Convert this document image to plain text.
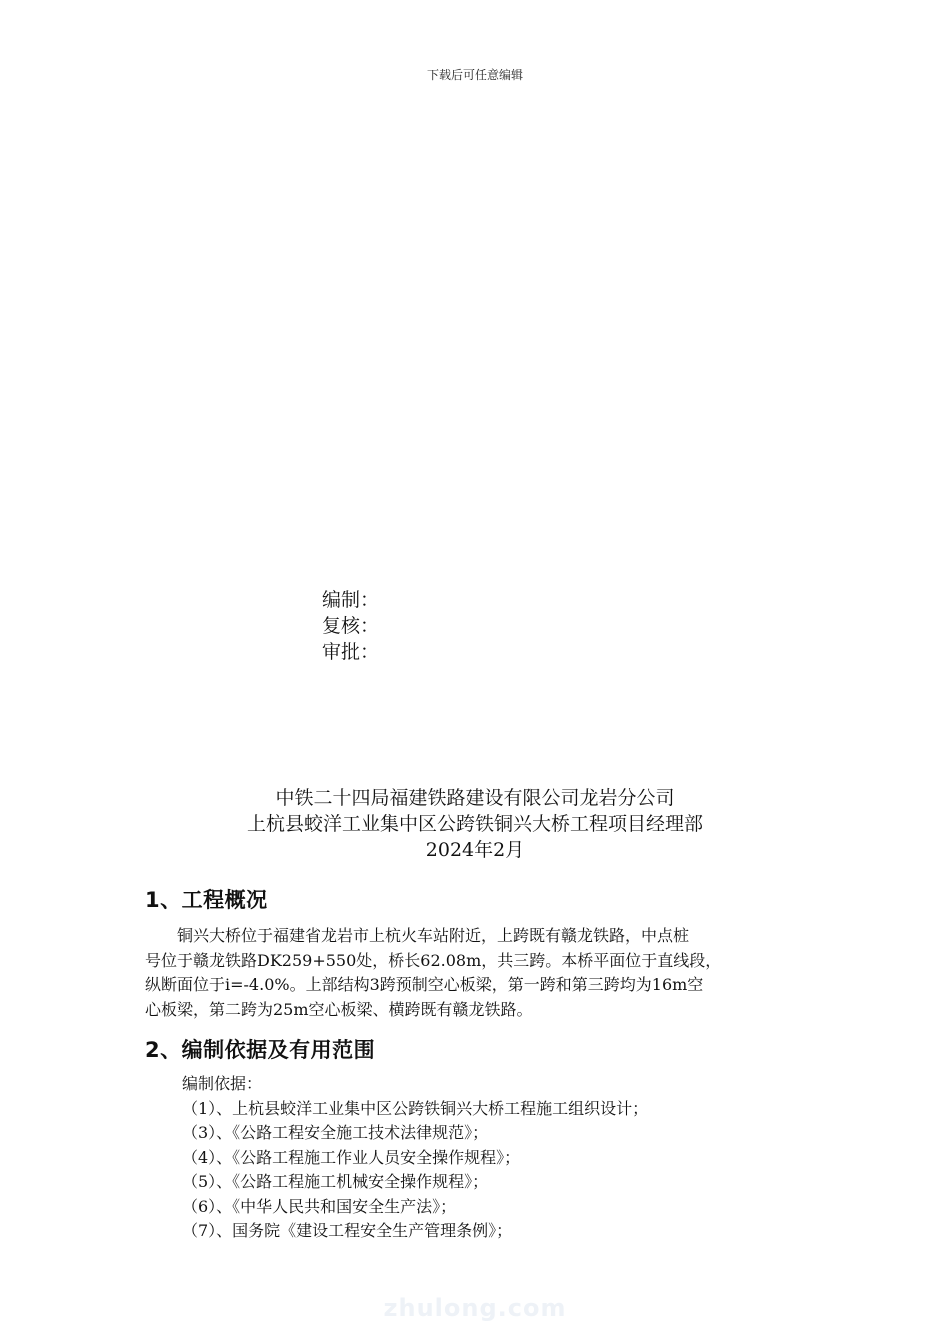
下载后可任意编辑
编制：
复核：
审批：
中铁二十四局福建铁路建设有限公司龙岩分公司
上杭县蛟洋工业集中区公跨铁铜兴大桥工程项目经理部
2024年2月
1、工程概况
铜兴大桥位于福建省龙岩市上杭火车站附近，上跨既有赣龙铁路，中点桩
号位于赣龙铁路DK259+550处，桥长62.08m，共三跨。本桥平面位于直线段，
纵断面位于i=-4.0%。上部结构3跨预制空心板梁，第一跨和第三跨均为16m空
心板梁，第二跨为25m空心板梁、横跨既有赣龙铁路。
2、编制依据及有用范围
编制依据：
（1）、上杭县蛟洋工业集中区公跨铁铜兴大桥工程施工组织设计；
（3）、《公路工程安全施工技术法律规范》；
（4）、《公路工程施工作业人员安全操作规程》；
（5）、《公路工程施工机械安全操作规程》；
（6）、《中华人民共和国安全生产法》；
（7）、国务院《建设工程安全生产管理条例》；
zhulong.com
